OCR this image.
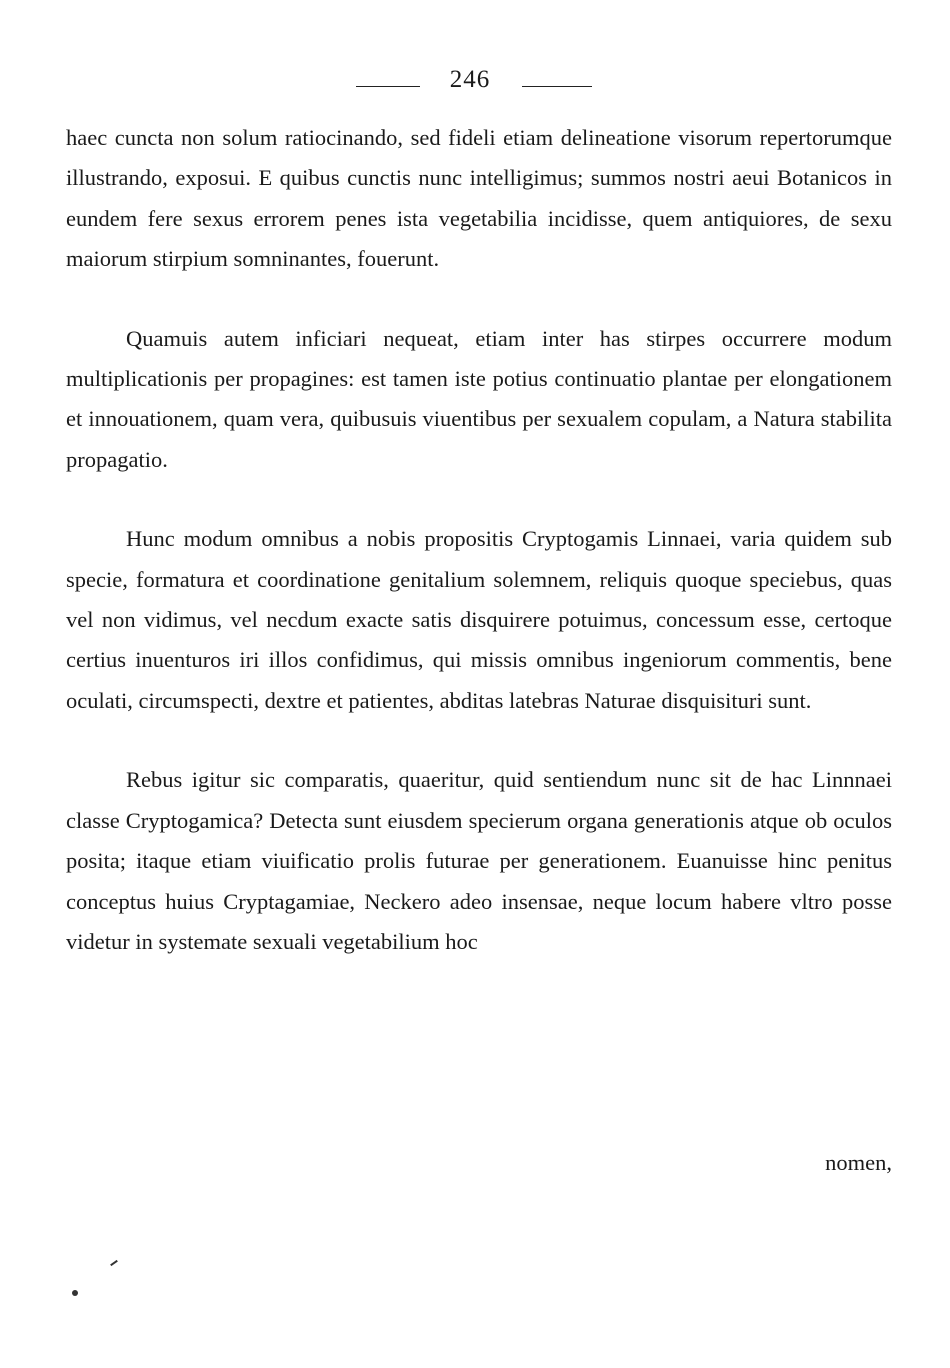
246

haec cuncta non solum ratiocinando, sed fideli etiam delineatione visorum repertorumque illustrando, exposui. E quibus cunctis nunc intelligimus; summos nostri aeui Botanicos in eundem fere sexus errorem penes ista vegetabilia incidisse, quem antiquiores, de sexu maiorum stirpium somninantes, fouerunt.

Quamuis autem inficiari nequeat, etiam inter has stirpes occurrere modum multiplicationis per propagines: est tamen iste potius continuatio plantae per elongationem et innouationem, quam vera, quibusuis viuentibus per sexualem copulam, a Natura stabilita propagatio.

Hunc modum omnibus a nobis propositis Cryptogamis Linnaei, varia quidem sub specie, formatura et coordinatione genitalium solemnem, reliquis quoque speciebus, quas vel non vidimus, vel necdum exacte satis disquirere potuimus, concessum esse, certoque certius inuenturos iri illos confidimus, qui missis omnibus ingeniorum commentis, bene oculati, circumspecti, dextre et patientes, abditas latebras Naturae disquisituri sunt.

Rebus igitur sic comparatis, quaeritur, quid sentiendum nunc sit de hac Linnnaei classe Cryptogamica? Detecta sunt eiusdem specierum organa generationis atque ob oculos posita; itaque etiam viuificatio prolis futurae per generationem. Euanuisse hinc penitus conceptus huius Cryptagamiae, Neckero adeo insensae, neque locum habere vltro posse videtur in systemate sexuali vegetabilium hoc

nomen,
